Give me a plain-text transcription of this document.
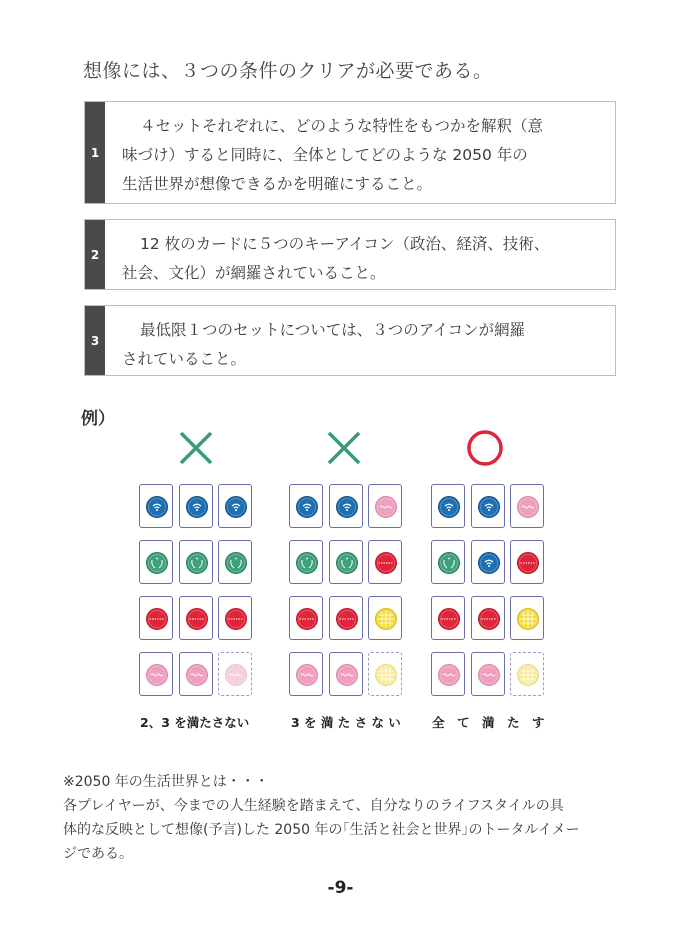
想像には、３つの条件のクリアが必要である。
1
４セットそれぞれに、どのような特性をもつかを解釈（意
味づけ）すると同時に、全体としてどのような 2050 年の
生活世界が想像できるかを明確にすること。
2
12 枚のカードに５つのキーアイコン（政治、経済、技術、
社会、文化）が網羅されていること。
3
最低限１つのセットについては、３つのアイコンが網羅
されていること。
例）
2、3 を満たさない	3 を 満 た さ な い 全　て　満　た　す
※2050 年の生活世界とは・・・
各プレイヤーが、今までの人生経験を踏まえて、自分なりのライフスタイルの具
体的な反映として想像(予言)した 2050 年の｢生活と社会と世界｣のトータルイメー
ジである。
-9-
